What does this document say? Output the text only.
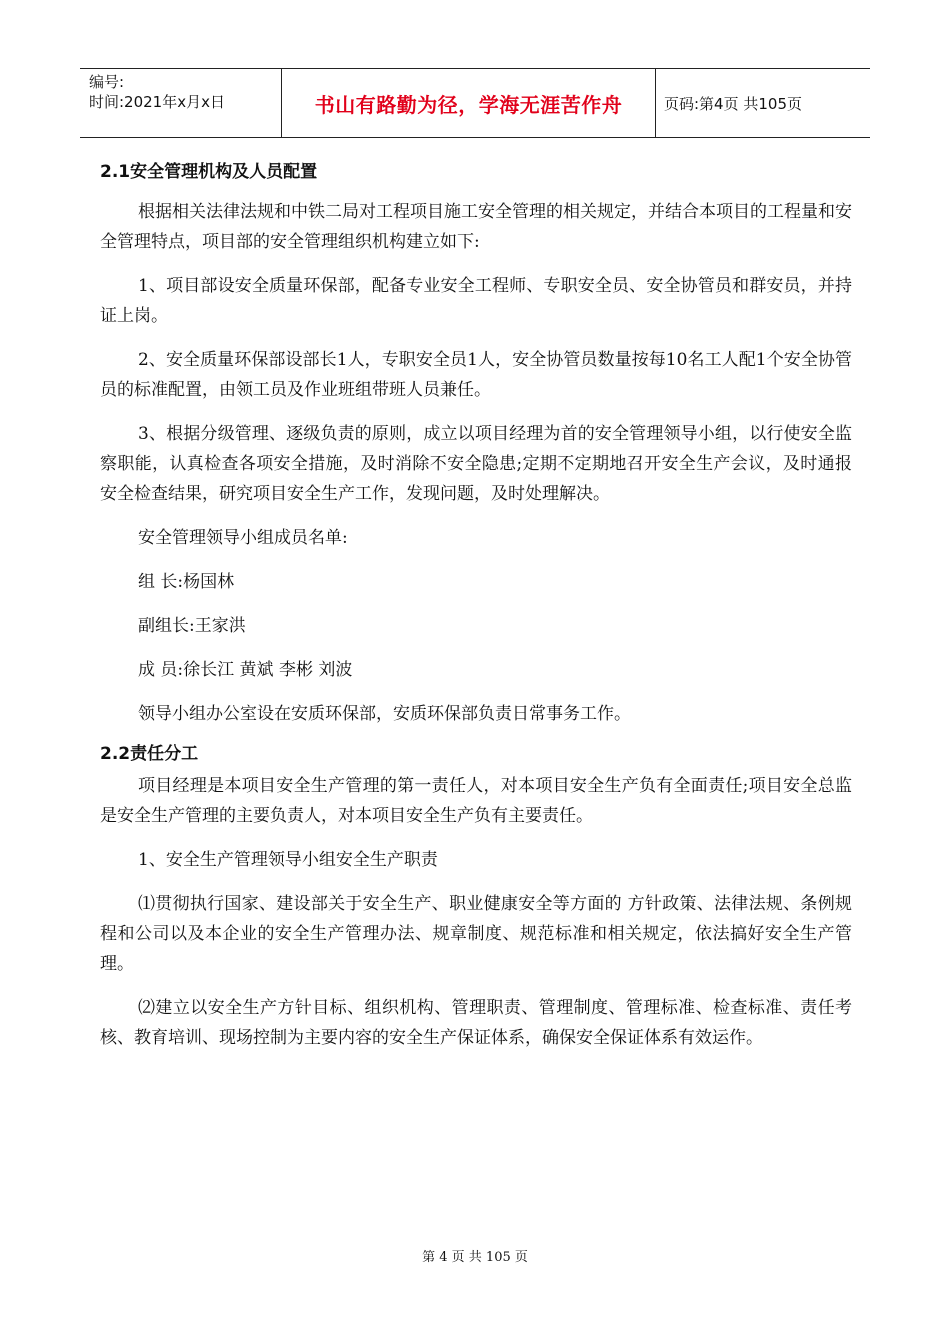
编号:
时间:2021年x月x日	书山有路勤为径，学海无涯苦作舟	页码:第4页 共105页

2.1安全管理机构及人员配置

根据相关法律法规和中铁二局对工程项目施工安全管理的相关规定，并结合本项目的工程量和安全管理特点，项目部的安全管理组织机构建立如下:

1、项目部设安全质量环保部，配备专业安全工程师、专职安全员、安全协管员和群安员，并持证上岗。

2、安全质量环保部设部长1人，专职安全员1人，安全协管员数量按每10名工人配1个安全协管员的标准配置，由领工员及作业班组带班人员兼任。

3、根据分级管理、逐级负责的原则，成立以项目经理为首的安全管理领导小组，以行使安全监察职能，认真检查各项安全措施，及时消除不安全隐患;定期不定期地召开安全生产会议，及时通报安全检查结果，研究项目安全生产工作，发现问题，及时处理解决。

安全管理领导小组成员名单:

组 长:杨国林

副组长:王家洪

成 员:徐长江 黄斌 李彬 刘波

领导小组办公室设在安质环保部，安质环保部负责日常事务工作。

2.2责任分工

项目经理是本项目安全生产管理的第一责任人，对本项目安全生产负有全面责任;项目安全总监是安全生产管理的主要负责人，对本项目安全生产负有主要责任。

1、安全生产管理领导小组安全生产职责

⑴贯彻执行国家、建设部关于安全生产、职业健康安全等方面的 方针政策、法律法规、条例规程和公司以及本企业的安全生产管理办法、规章制度、规范标准和相关规定，依法搞好安全生产管理。

⑵建立以安全生产方针目标、组织机构、管理职责、管理制度、管理标准、检查标准、责任考核、教育培训、现场控制为主要内容的安全生产保证体系，确保安全保证体系有效运作。

第 4 页 共 105 页
